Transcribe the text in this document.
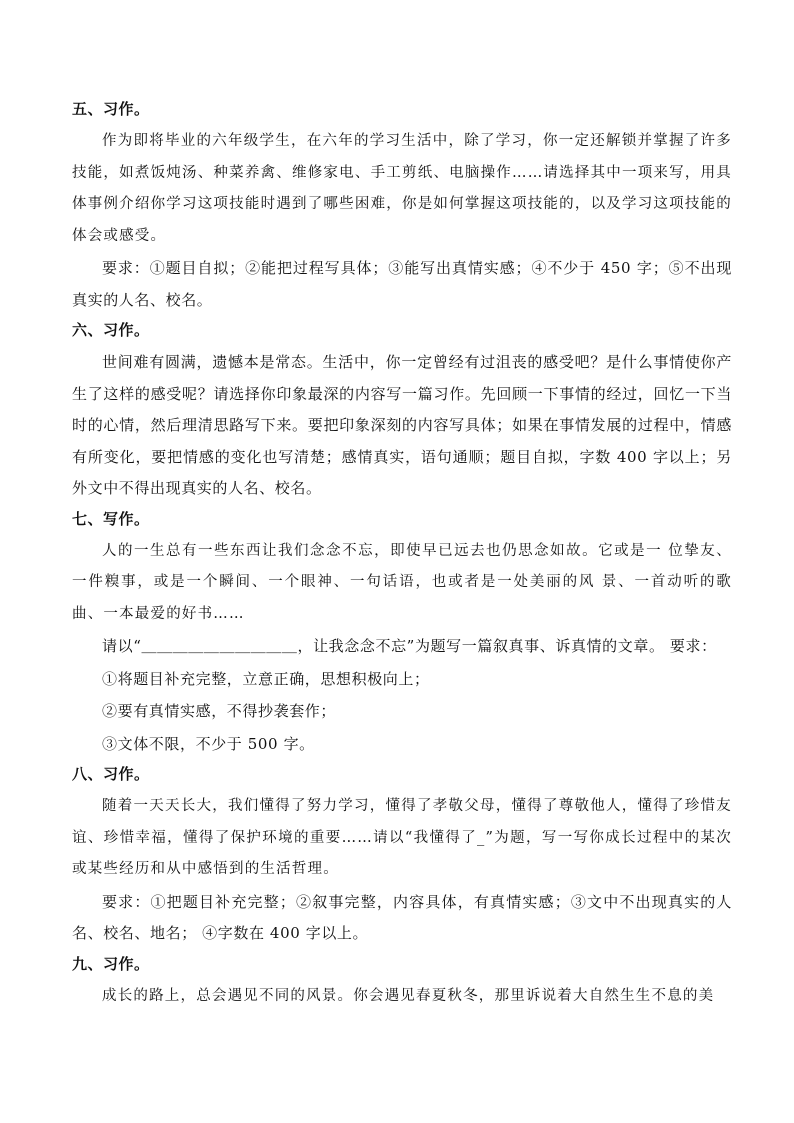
五、习作。

作为即将毕业的六年级学生，在六年的学习生活中，除了学习，你一定还解锁并掌握了许多技能，如煮饭炖汤、种菜养禽、维修家电、手工剪纸、电脑操作……请选择其中一项来写，用具体事例介绍你学习这项技能时遇到了哪些困难，你是如何掌握这项技能的，以及学习这项技能的体会或感受。

要求：①题目自拟；②能把过程写具体；③能写出真情实感；④不少于 450 字；⑤不出现真实的人名、校名。

六、习作。

世间难有圆满，遗憾本是常态。生活中，你一定曾经有过沮丧的感受吧？是什么事情使你产生了这样的感受呢？请选择你印象最深的内容写一篇习作。先回顾一下事情的经过，回忆一下当时的心情，然后理清思路写下来。要把印象深刻的内容写具体；如果在事情发展的过程中，情感有所变化，要把情感的变化也写清楚；感情真实，语句通顺；题目自拟，字数 400 字以上；另外文中不得出现真实的人名、校名。

七、写作。

人的一生总有一些东西让我们念念不忘，即使早已远去也仍思念如故。它或是一 位挚友、一件糗事，或是一个瞬间、一个眼神、一句话语，也或者是一处美丽的风 景、一首动听的歌曲、一本最爱的好书……

请以“＿＿＿＿＿＿＿＿＿＿，让我念念不忘”为题写一篇叙真事、诉真情的文章。 要求：

①将题目补充完整，立意正确，思想积极向上；

②要有真情实感，不得抄袭套作；

③文体不限，不少于 500 字。

八、习作。

随着一天天长大，我们懂得了努力学习，懂得了孝敬父母，懂得了尊敬他人，懂得了珍惜友谊、珍惜幸福，懂得了保护环境的重要……请以“我懂得了_”为题，写一写你成长过程中的某次或某些经历和从中感悟到的生活哲理。

要求：①把题目补充完整；②叙事完整，内容具体，有真情实感；③文中不出现真实的人名、校名、地名； ④字数在 400 字以上。

九、习作。

成长的路上，总会遇见不同的风景。你会遇见春夏秋冬，那里诉说着大自然生生不息的美
